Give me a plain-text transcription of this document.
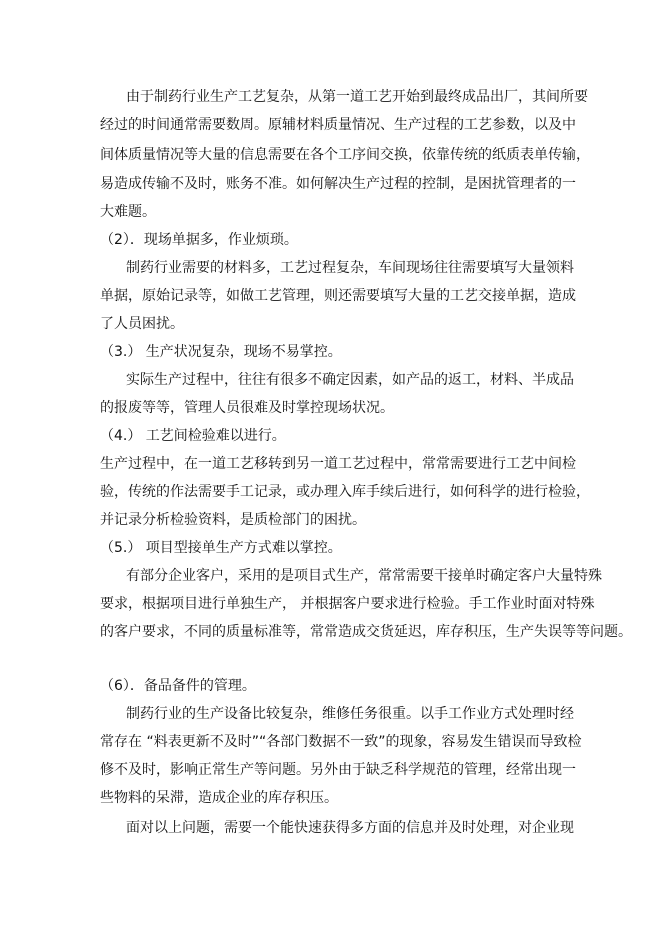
由于制药行业生产工艺复杂，从第一道工艺开始到最终成品出厂，其间所要
经过的时间通常需要数周。原辅材料质量情况、生产过程的工艺参数，以及中
间体质量情况等大量的信息需要在各个工序间交换，依靠传统的纸质表单传输，
易造成传输不及时，账务不准。如何解决生产过程的控制，是困扰管理者的一
大难题。
（2）．现场单据多，作业烦琐。
制药行业需要的材料多，工艺过程复杂，车间现场往往需要填写大量领料
单据，原始记录等，如做工艺管理，则还需要填写大量的工艺交接单据，造成
了人员困扰。
（3.） 生产状况复杂，现场不易掌控。
实际生产过程中，往往有很多不确定因素，如产品的返工，材料、半成品
的报废等等，管理人员很难及时掌控现场状况。
（4.） 工艺间检验难以进行。
生产过程中，在一道工艺移转到另一道工艺过程中，常常需要进行工艺中间检
验，传统的作法需要手工记录，或办理入库手续后进行，如何科学的进行检验，
并记录分析检验资料，是质检部门的困扰。
（5.） 项目型接单生产方式难以掌控。
有部分企业客户，采用的是项目式生产，常常需要干接单时确定客户大量特殊
要求，根据项目进行单独生产， 并根据客户要求进行检验。手工作业时面对特殊
的客户要求，不同的质量标准等，常常造成交货延迟，库存积压，生产失误等等问题。
（6）．备品备件的管理。
制药行业的生产设备比较复杂，维修任务很重。以手工作业方式处理时经
常存在 “料表更新不及时”“各部门数据不一致”的现象，容易发生错误而导致检
修不及时，影响正常生产等问题。另外由于缺乏科学规范的管理，经常出现一
些物料的呆滞，造成企业的库存积压。
面对以上问题，需要一个能快速获得多方面的信息并及时处理，对企业现
